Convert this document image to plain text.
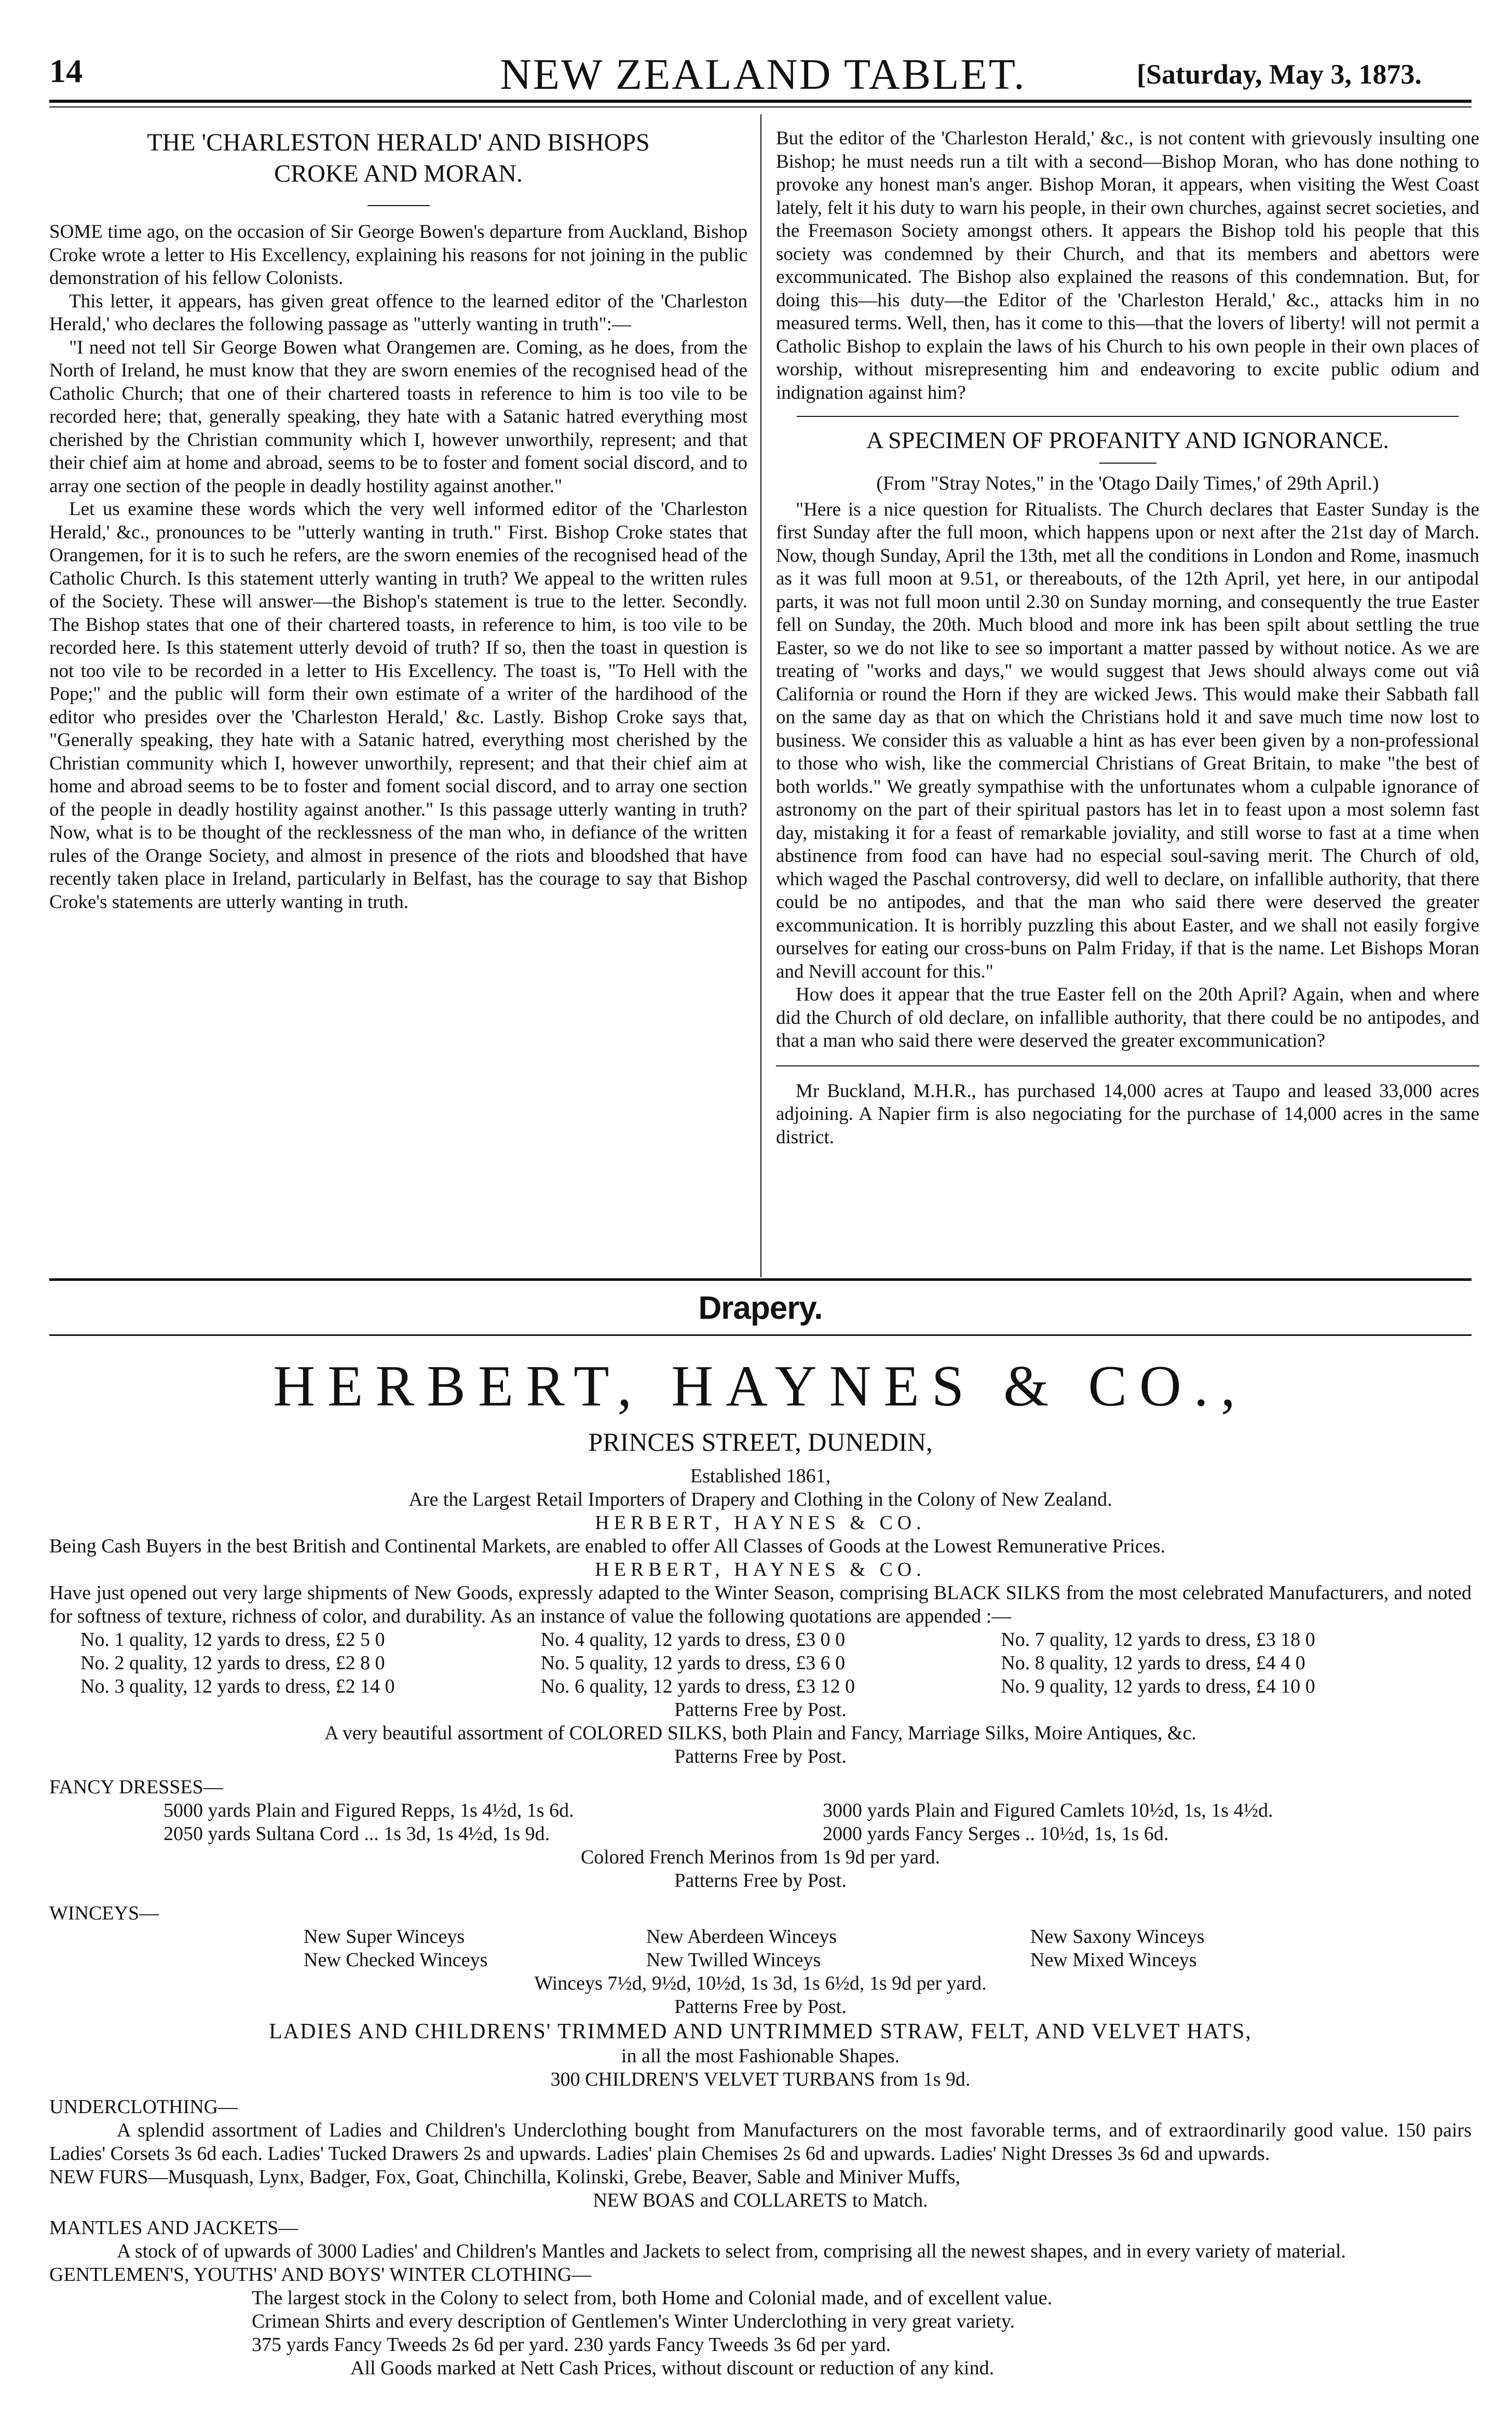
14	NEW ZEALAND TABLET.	[Saturday, May 3, 1873.
THE 'CHARLESTON HERALD' AND BISHOPS
CROKE AND MORAN.

SOME time ago, on the occasion of Sir George Bowen's departure from Auckland, Bishop Croke wrote a letter to His Excellency, explaining his reasons for not joining in the public demonstration of his fellow Colonists.

This letter, it appears, has given great offence to the learned editor of the 'Charleston Herald,' who declares the following passage as "utterly wanting in truth":—

"I need not tell Sir George Bowen what Orangemen are. Coming, as he does, from the North of Ireland, he must know that they are sworn enemies of the recognised head of the Catholic Church; that one of their chartered toasts in reference to him is too vile to be recorded here; that, generally speaking, they hate with a Satanic hatred everything most cherished by the Christian community which I, however unworthily, represent; and that their chief aim at home and abroad, seems to be to foster and foment social discord, and to array one section of the people in deadly hostility against another."

Let us examine these words which the very well informed editor of the 'Charleston Herald,' &c., pronounces to be "utterly wanting in truth." First. Bishop Croke states that Orangemen, for it is to such he refers, are the sworn enemies of the recognised head of the Catholic Church. Is this statement utterly wanting in truth? We appeal to the written rules of the Society. These will answer—the Bishop's statement is true to the letter. Secondly. The Bishop states that one of their chartered toasts, in reference to him, is too vile to be recorded here. Is this statement utterly devoid of truth? If so, then the toast in question is not too vile to be recorded in a letter to His Excellency. The toast is, "To Hell with the Pope;" and the public will form their own estimate of a writer of the hardihood of the editor who presides over the 'Charleston Herald,' &c. Lastly. Bishop Croke says that, "Generally speaking, they hate with a Satanic hatred, everything most cherished by the Christian community which I, however unworthily, represent; and that their chief aim at home and abroad seems to be to foster and foment social discord, and to array one section of the people in deadly hostility against another." Is this passage utterly wanting in truth? Now, what is to be thought of the recklessness of the man who, in defiance of the written rules of the Orange Society, and almost in presence of the riots and bloodshed that have recently taken place in Ireland, particularly in Belfast, has the courage to say that Bishop Croke's statements are utterly wanting in truth.

But the editor of the 'Charleston Herald,' &c., is not content with grievously insulting one Bishop; he must needs run a tilt with a second—Bishop Moran, who has done nothing to provoke any honest man's anger. Bishop Moran, it appears, when visiting the West Coast lately, felt it his duty to warn his people, in their own churches, against secret societies, and the Freemason Society amongst others. It appears the Bishop told his people that this society was condemned by their Church, and that its members and abettors were excommunicated. The Bishop also explained the reasons of this condemnation. But, for doing this—his duty—the Editor of the 'Charleston Herald,' &c., attacks him in no measured terms. Well, then, has it come to this—that the lovers of liberty! will not permit a Catholic Bishop to explain the laws of his Church to his own people in their own places of worship, without misrepresenting him and endeavoring to excite public odium and indignation against him?

A SPECIMEN OF PROFANITY AND IGNORANCE.
(From "Stray Notes," in the 'Otago Daily Times,' of 29th April.)

"Here is a nice question for Ritualists. The Church declares that Easter Sunday is the first Sunday after the full moon, which happens upon or next after the 21st day of March. Now, though Sunday, April the 13th, met all the conditions in London and Rome, inasmuch as it was full moon at 9.51, or thereabouts, of the 12th April, yet here, in our antipodal parts, it was not full moon until 2.30 on Sunday morning, and consequently the true Easter fell on Sunday, the 20th. Much blood and more ink has been spilt about settling the true Easter, so we do not like to see so important a matter passed by without notice. As we are treating of "works and days," we would suggest that Jews should always come out viâ California or round the Horn if they are wicked Jews. This would make their Sabbath fall on the same day as that on which the Christians hold it and save much time now lost to business. We consider this as valuable a hint as has ever been given by a non-professional to those who wish, like the commercial Christians of Great Britain, to make "the best of both worlds." We greatly sympathise with the unfortunates whom a culpable ignorance of astronomy on the part of their spiritual pastors has let in to feast upon a most solemn fast day, mistaking it for a feast of remarkable joviality, and still worse to fast at a time when abstinence from food can have had no especial soul-saving merit. The Church of old, which waged the Paschal controversy, did well to declare, on infallible authority, that there could be no antipodes, and that the man who said there were deserved the greater excommunication. It is horribly puzzling this about Easter, and we shall not easily forgive ourselves for eating our cross-buns on Palm Friday, if that is the name. Let Bishops Moran and Nevill account for this."

How does it appear that the true Easter fell on the 20th April? Again, when and where did the Church of old declare, on infallible authority, that there could be no antipodes, and that a man who said there were deserved the greater excommunication?

Mr Buckland, M.H.R., has purchased 14,000 acres at Taupo and leased 33,000 acres adjoining. A Napier firm is also negociating for the purchase of 14,000 acres in the same district.
Drapery.
HERBERT, HAYNES & CO.,
PRINCES STREET, DUNEDIN,
Established 1861,
Are the Largest Retail Importers of Drapery and Clothing in the Colony of New Zealand.
HERBERT, HAYNES & CO.
Being Cash Buyers in the best British and Continental Markets, are enabled to offer All Classes of Goods at the Lowest Remunerative Prices.
HERBERT, HAYNES & CO.
Have just opened out very large shipments of New Goods, expressly adapted to the Winter Season, comprising BLACK SILKS from the most celebrated Manufacturers, and noted for softness of texture, richness of color, and durability. As an instance of value the following quotations are appended :—
No. 1 quality, 12 yards to dress, £2 5 0	No. 4 quality, 12 yards to dress, £3 0 0	No. 7 quality, 12 yards to dress, £3 18 0
No. 2 quality, 12 yards to dress, £2 8 0	No. 5 quality, 12 yards to dress, £3 6 0	No. 8 quality, 12 yards to dress, £4 4 0
No. 3 quality, 12 yards to dress, £2 14 0	No. 6 quality, 12 yards to dress, £3 12 0	No. 9 quality, 12 yards to dress, £4 10 0
Patterns Free by Post.
A very beautiful assortment of COLORED SILKS, both Plain and Fancy, Marriage Silks, Moire Antiques, &c.
Patterns Free by Post.
FANCY DRESSES—
5000 yards Plain and Figured Repps, 1s 4½d, 1s 6d.	3000 yards Plain and Figured Camlets 10½d, 1s, 1s 4½d.
2050 yards Sultana Cord ... 1s 3d, 1s 4½d, 1s 9d.	2000 yards Fancy Serges .. 10½d, 1s, 1s 6d.
Colored French Merinos from 1s 9d per yard.
Patterns Free by Post.
WINCEYS—
New Super Winceys	New Aberdeen Winceys	New Saxony Winceys
New Checked Winceys	New Twilled Winceys	New Mixed Winceys
Winceys 7½d, 9½d, 10½d, 1s 3d, 1s 6½d, 1s 9d per yard.
Patterns Free by Post.
LADIES AND CHILDRENS' TRIMMED AND UNTRIMMED STRAW, FELT, AND VELVET HATS,
in all the most Fashionable Shapes.
300 CHILDREN'S VELVET TURBANS from 1s 9d.
UNDERCLOTHING—
A splendid assortment of Ladies and Children's Underclothing bought from Manufacturers on the most favorable terms, and of extraordinarily good value. 150 pairs Ladies' Corsets 3s 6d each. Ladies' Tucked Drawers 2s and upwards. Ladies' plain Chemises 2s 6d and upwards. Ladies' Night Dresses 3s 6d and upwards.
NEW FURS—Musquash, Lynx, Badger, Fox, Goat, Chinchilla, Kolinski, Grebe, Beaver, Sable and Miniver Muffs,
NEW BOAS and COLLARETS to Match.
MANTLES AND JACKETS—
A stock of of upwards of 3000 Ladies' and Children's Mantles and Jackets to select from, comprising all the newest shapes, and in every variety of material.
GENTLEMEN'S, YOUTHS' AND BOYS' WINTER CLOTHING—
The largest stock in the Colony to select from, both Home and Colonial made, and of excellent value.
Crimean Shirts and every description of Gentlemen's Winter Underclothing in very great variety.
375 yards Fancy Tweeds 2s 6d per yard. 230 yards Fancy Tweeds 3s 6d per yard.
All Goods marked at Nett Cash Prices, without discount or reduction of any kind.
